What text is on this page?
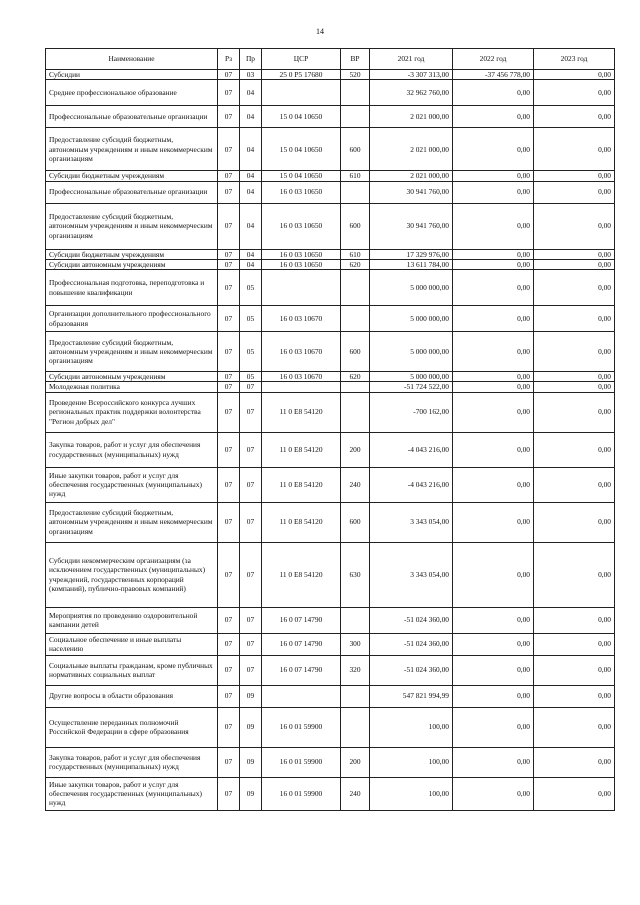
14
Наименование	Рз	Пр	ЦСР	ВР	2021 год	2022 год	2023 год
Субсидии	07	03	25 0 P5 17680	520	-3 307 313,00	-37 456 778,00	0,00
Среднее профессиональное образование	07	04			32 962 760,00	0,00	0,00
Профессиональные образовательные организации	07	04	15 0 04 10650		2 021 000,00	0,00	0,00
Предоставление субсидий бюджетным, автономным учреждениям и иным некоммерческим организациям	07	04	15 0 04 10650	600	2 021 000,00	0,00	0,00
Субсидии бюджетным учреждениям	07	04	15 0 04 10650	610	2 021 000,00	0,00	0,00
Профессиональные образовательные организации	07	04	16 0 03 10650		30 941 760,00	0,00	0,00
Предоставление субсидий бюджетным, автономным учреждениям и иным некоммерческим организациям	07	04	16 0 03 10650	600	30 941 760,00	0,00	0,00
Субсидии бюджетным учреждениям	07	04	16 0 03 10650	610	17 329 976,00	0,00	0,00
Субсидии автономным учреждениям	07	04	16 0 03 10650	620	13 611 784,00	0,00	0,00
Профессиональная подготовка, переподготовка и повышение квалификации	07	05			5 000 000,00	0,00	0,00
Организации дополнительного профессионального образования	07	05	16 0 03 10670		5 000 000,00	0,00	0,00
Предоставление субсидий бюджетным, автономным учреждениям и иным некоммерческим организациям	07	05	16 0 03 10670	600	5 000 000,00	0,00	0,00
Субсидии автономным учреждениям	07	05	16 0 03 10670	620	5 000 000,00	0,00	0,00
Молодежная политика	07	07			-51 724 522,00	0,00	0,00
Проведение Всероссийского конкурса лучших региональных практик поддержки волонтерства "Регион добрых дел"	07	07	11 0 E8 54120		-700 162,00	0,00	0,00
Закупка товаров, работ и услуг для обеспечения государственных (муниципальных) нужд	07	07	11 0 E8 54120	200	-4 043 216,00	0,00	0,00
Иные закупки товаров, работ и услуг для обеспечения государственных (муниципальных) нужд	07	07	11 0 E8 54120	240	-4 043 216,00	0,00	0,00
Предоставление субсидий бюджетным, автономным учреждениям и иным некоммерческим организациям	07	07	11 0 E8 54120	600	3 343 054,00	0,00	0,00
Субсидии некоммерческим организациям (за исключением государственных (муниципальных) учреждений, государственных корпораций (компаний), публично-правовых компаний)	07	07	11 0 E8 54120	630	3 343 054,00	0,00	0,00
Мероприятия по проведению оздоровительной кампании детей	07	07	16 0 07 14790		-51 024 360,00	0,00	0,00
Социальное обеспечение и иные выплаты населению	07	07	16 0 07 14790	300	-51 024 360,00	0,00	0,00
Социальные выплаты гражданам, кроме публичных нормативных социальных выплат	07	07	16 0 07 14790	320	-51 024 360,00	0,00	0,00
Другие вопросы в области образования	07	09			547 821 994,99	0,00	0,00
Осуществление переданных полномочий Российской Федерации в сфере образования	07	09	16 0 01 59900		100,00	0,00	0,00
Закупка товаров, работ и услуг для обеспечения государственных (муниципальных) нужд	07	09	16 0 01 59900	200	100,00	0,00	0,00
Иные закупки товаров, работ и услуг для обеспечения государственных (муниципальных) нужд	07	09	16 0 01 59900	240	100,00	0,00	0,00
